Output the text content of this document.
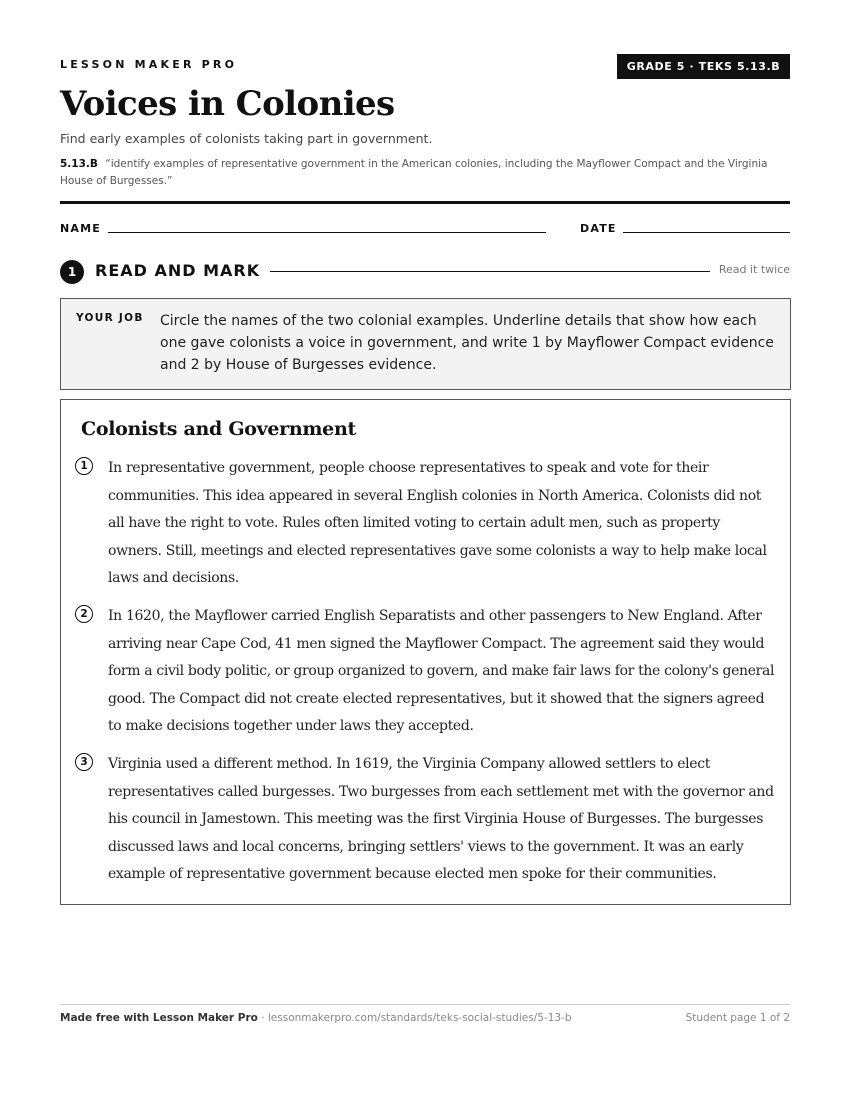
LESSON MAKER PRO	GRADE 5 · TEKS 5.13.B
Voices in Colonies
Find early examples of colonists taking part in government.
5.13.B “identify examples of representative government in the American colonies, including the Mayflower Compact and the Virginia House of Burgesses.”
NAME	DATE
1	READ AND MARK	Read it twice
YOUR JOB Circle the names of the two colonial examples. Underline details that show how each one gave colonists a voice in government, and write 1 by Mayflower Compact evidence and 2 by House of Burgesses evidence.
Colonists and Government
1	In representative government, people choose representatives to speak and vote for their communities. This idea appeared in several English colonies in North America. Colonists did not all have the right to vote. Rules often limited voting to certain adult men, such as property owners. Still, meetings and elected representatives gave some colonists a way to help make local laws and decisions.

2	In 1620, the Mayflower carried English Separatists and other passengers to New England. After arriving near Cape Cod, 41 men signed the Mayflower Compact. The agreement said they would form a civil body politic, or group organized to govern, and make fair laws for the colony's general good. The Compact did not create elected representatives, but it showed that the signers agreed to make decisions together under laws they accepted.

3	Virginia used a different method. In 1619, the Virginia Company allowed settlers to elect representatives called burgesses. Two burgesses from each settlement met with the governor and his council in Jamestown. This meeting was the first Virginia House of Burgesses. The burgesses discussed laws and local concerns, bringing settlers' views to the government. It was an early example of representative government because elected men spoke for their communities.

Made free with Lesson Maker Pro · lessonmakerpro.com/standards/teks-social-studies/5-13-b	Student page 1 of 2
